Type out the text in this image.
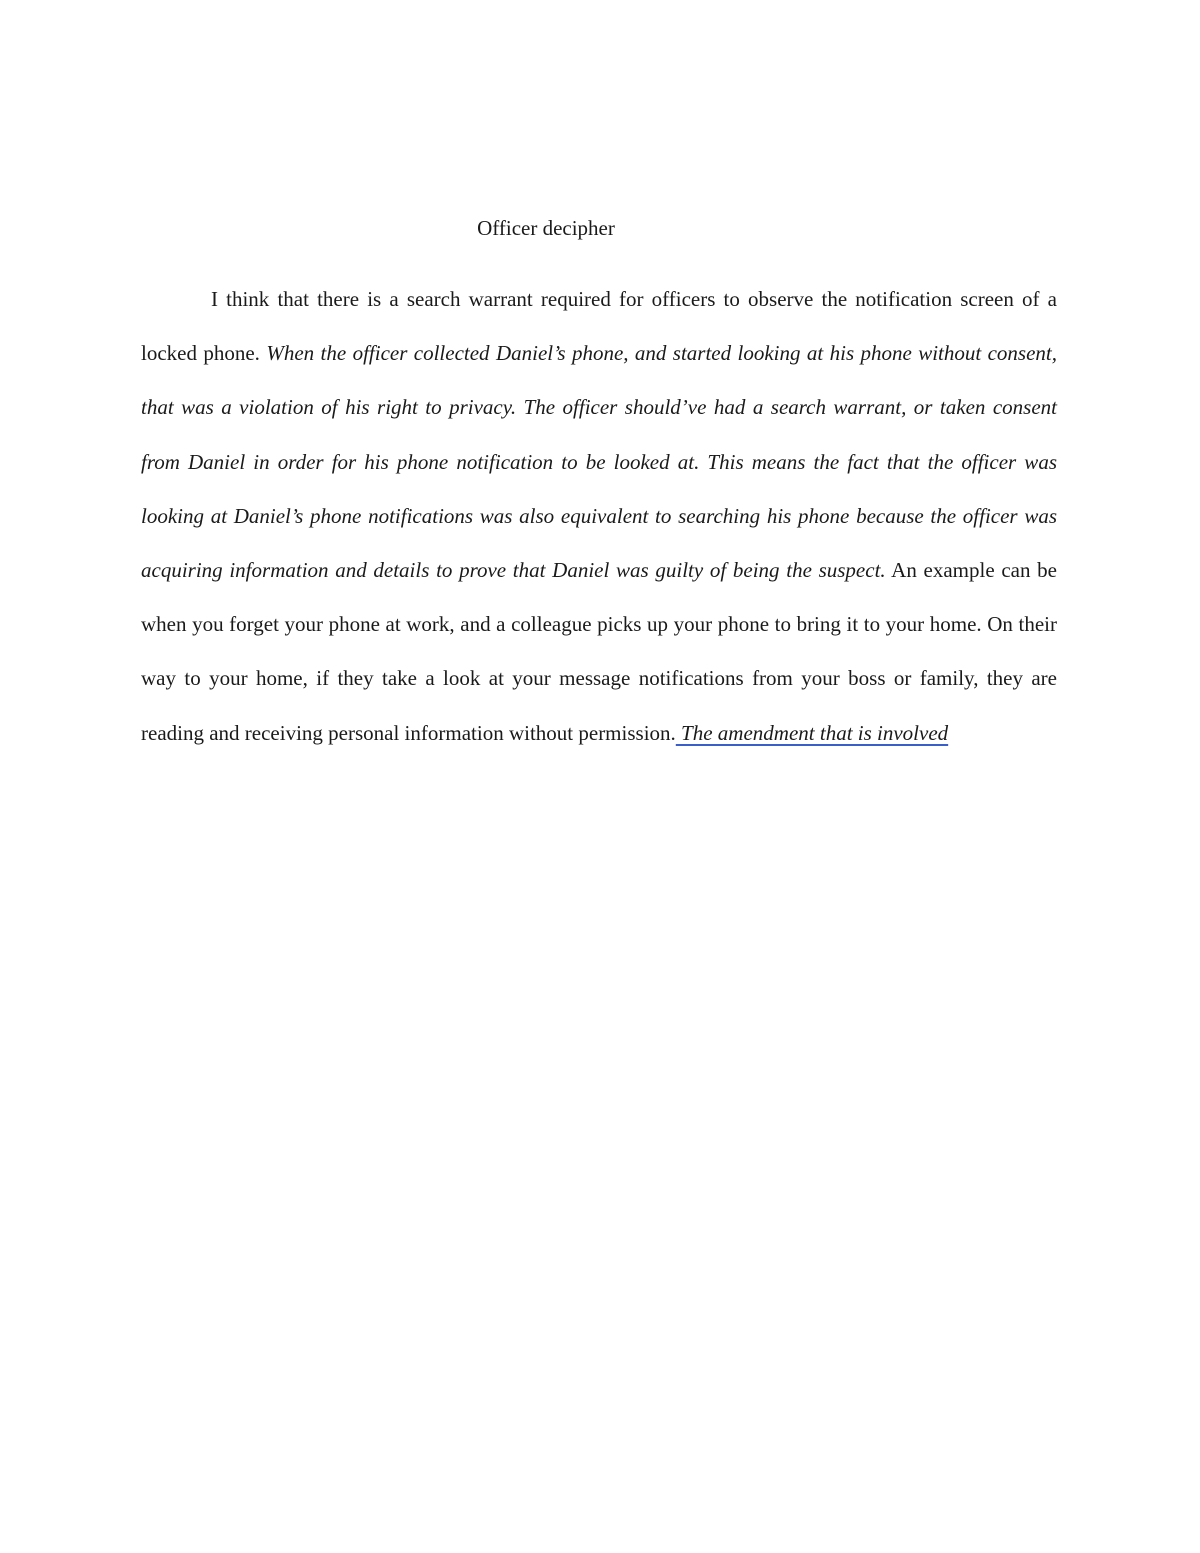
Officer decipher

I think that there is a search warrant required for officers to observe the notification screen of a locked phone. When the officer collected Daniel’s phone, and started looking at his phone without consent, that was a violation of his right to privacy. The officer should’ve had a search warrant, or taken consent from Daniel in order for his phone notification to be looked at. This means the fact that the officer was looking at Daniel’s phone notifications was also equivalent to searching his phone because the officer was acquiring information and details to prove that Daniel was guilty of being the suspect. An example can be when you forget your phone at work, and a colleague picks up your phone to bring it to your home. On their way to your home, if they take a look at your message notifications from your boss or family, they are reading and receiving personal information without permission. The amendment that is involved
